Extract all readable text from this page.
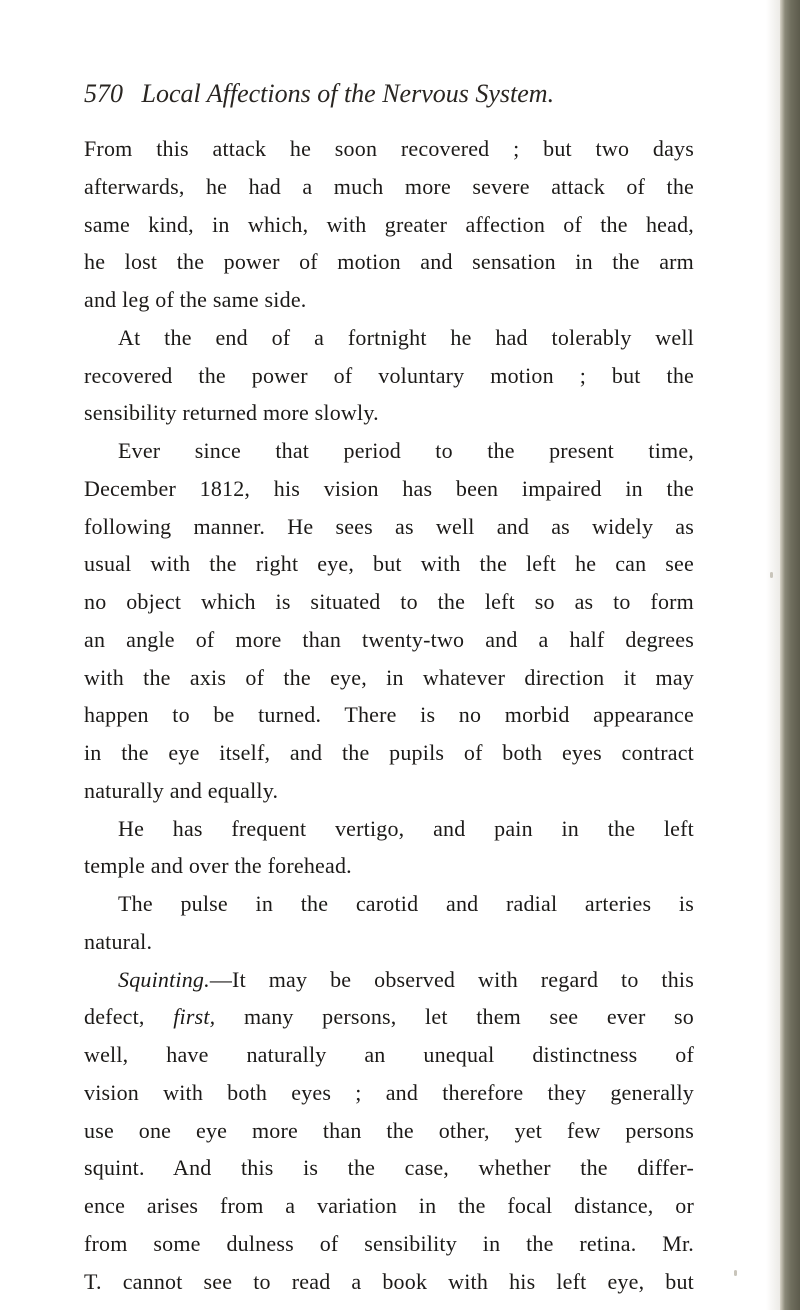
570 Local Affections of the Nervous System.
From this attack he soon recovered ; but two days
afterwards, he had a much more severe attack of the
same kind, in which, with greater affection of the head,
he lost the power of motion and sensation in the arm
and leg of the same side.
At the end of a fortnight he had tolerably well
recovered the power of voluntary motion ; but the
sensibility returned more slowly.
Ever since that period to the present time,
December 1812, his vision has been impaired in the
following manner. He sees as well and as widely as
usual with the right eye, but with the left he can see
no object which is situated to the left so as to form
an angle of more than twenty-two and a half degrees
with the axis of the eye, in whatever direction it may
happen to be turned. There is no morbid appearance
in the eye itself, and the pupils of both eyes contract
naturally and equally.
He has frequent vertigo, and pain in the left
temple and over the forehead.
The pulse in the carotid and radial arteries is
natural.
Squinting.—It may be observed with regard to this
defect, first, many persons, let them see ever so
well, have naturally an unequal distinctness of
vision with both eyes ; and therefore they generally
use one eye more than the other, yet few persons
squint. And this is the case, whether the differ-
ence arises from a variation in the focal distance, or
from some dulness of sensibility in the retina. Mr.
T. cannot see to read a book with his left eye, but
